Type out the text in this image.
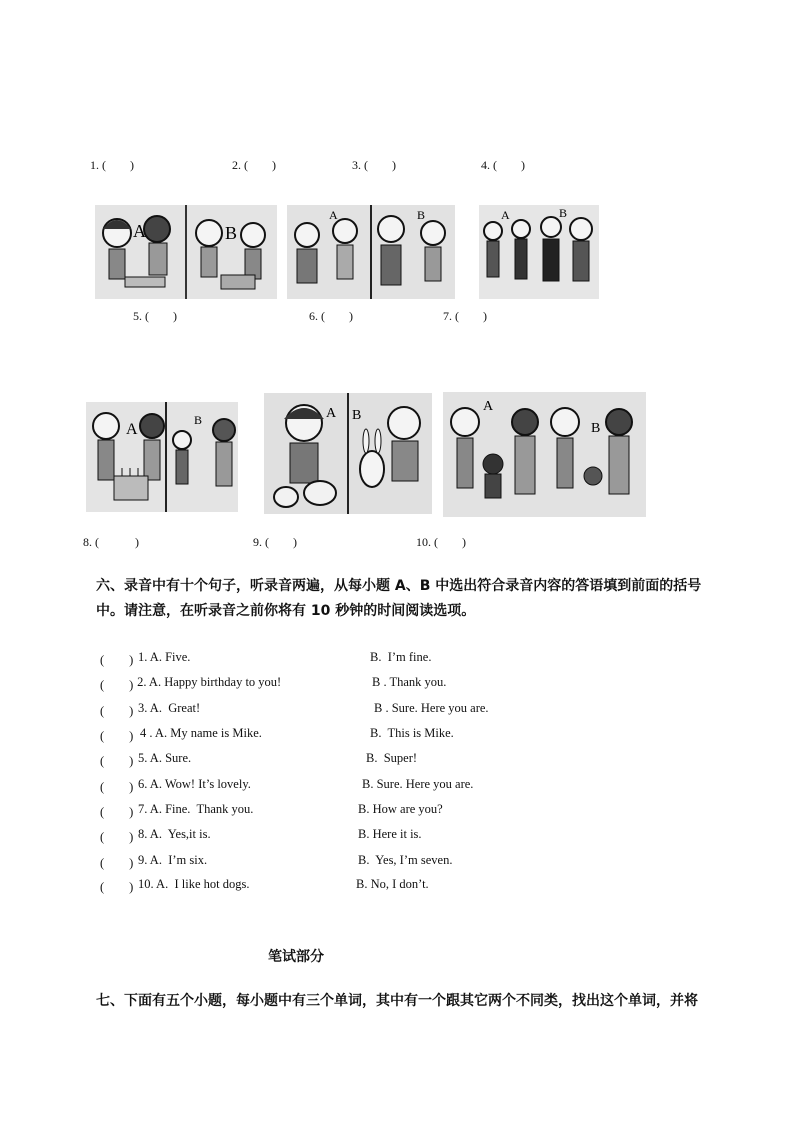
1. (　　)	2. (　　)	3. (　　)	4. (　　)
A	B
A	B	A	B
5. (　　)	6. (　　)	7. (　　)
A
B	A B
A
B
8. (　　　)	9. (　　)	10. (　　)
六、录音中有十个句子，听录音两遍，从每小题 A、B 中选出符合录音内容的答语填到前面的括号中。请注意，在听录音之前你将有 10 秒钟的时间阅读选项。
(　　) 1. A. Five.	B.  I’m fine.
(　　) 2. A. Happy birthday to you!	B . Thank you.
(　　) 3. A.  Great!	B . Sure. Here you are.
(　　) 4 . A. My name is Mike.	B.  This is Mike.
(　　) 5. A. Sure.	B.  Super!
(　　) 6. A. Wow! It’s lovely.	B. Sure. Here you are.
(　　) 7. A. Fine.  Thank you.	B. How are you?
(　　) 8. A.  Yes,it is.	B. Here it is.
(　　) 9. A.  I’m six.	B.  Yes, I’m seven.
(　　) 10. A.  I like hot dogs.	B. No, I don’t.
笔试部分
七、下面有五个小题，每小题中有三个单词，其中有一个跟其它两个不同类，找出这个单词，并将
